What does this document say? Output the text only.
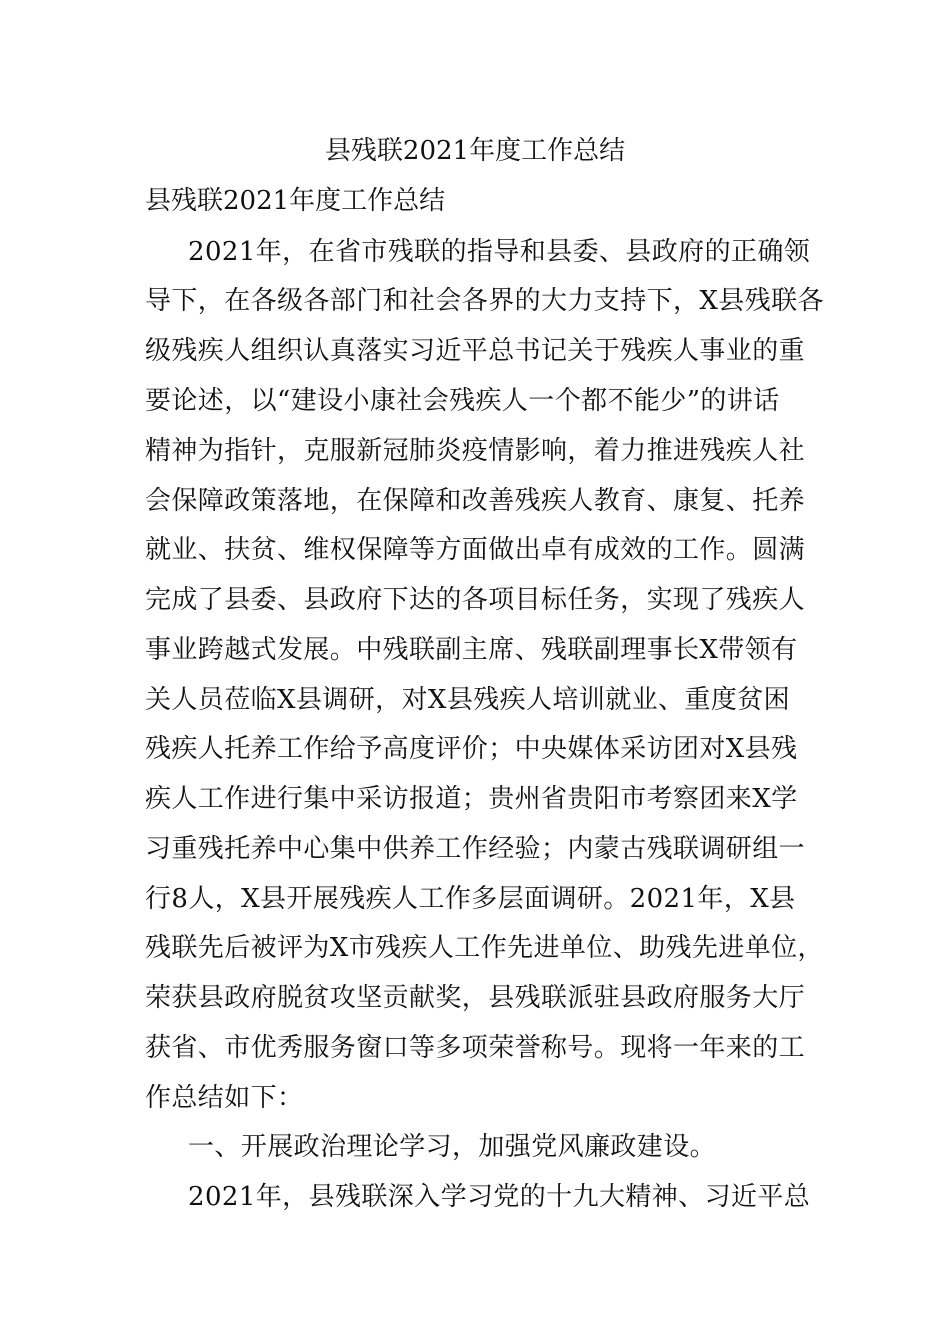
县残联2021年度工作总结
县残联2021年度工作总结
2021年，在省市残联的指导和县委、县政府的正确领
导下，在各级各部门和社会各界的大力支持下，X县残联各
级残疾人组织认真落实习近平总书记关于残疾人事业的重
要论述，以“建设小康社会残疾人一个都不能少”的讲话
精神为指针，克服新冠肺炎疫情影响，着力推进残疾人社
会保障政策落地，在保障和改善残疾人教育、康复、托养
就业、扶贫、维权保障等方面做出卓有成效的工作。圆满
完成了县委、县政府下达的各项目标任务，实现了残疾人
事业跨越式发展。中残联副主席、残联副理事长X带领有
关人员莅临X县调研，对X县残疾人培训就业、重度贫困
残疾人托养工作给予高度评价；中央媒体采访团对X县残
疾人工作进行集中采访报道；贵州省贵阳市考察团来X学
习重残托养中心集中供养工作经验；内蒙古残联调研组一
行8人，X县开展残疾人工作多层面调研。2021年，X县
残联先后被评为X市残疾人工作先进单位、助残先进单位，
荣获县政府脱贫攻坚贡献奖，县残联派驻县政府服务大厅
获省、市优秀服务窗口等多项荣誉称号。现将一年来的工
作总结如下：
一、开展政治理论学习，加强党风廉政建设。
2021年，县残联深入学习党的十九大精神、习近平总
